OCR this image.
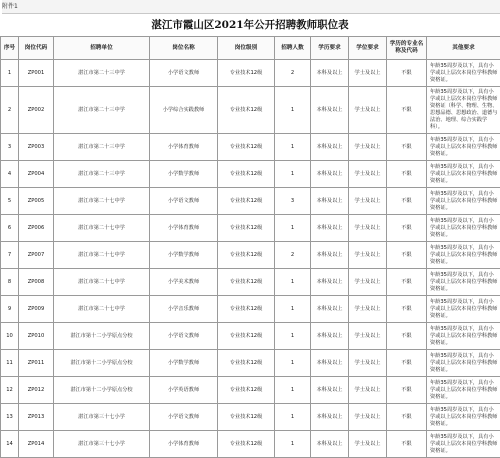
附件1
湛江市霞山区2021年公开招聘教师职位表
序号	岗位代码	招聘单位	岗位名称	岗位级别	招聘人数	学历要求	学位要求	学历的专业名称及代码	其他要求
1	ZP001	湛江市第二十三中学	小学语文教师	专业技术12级	2	本科及以上	学士及以上	不限	年龄35周岁及以下，具有小学或以上层次本岗位学科教师资格证。
2	ZP002	湛江市第二十三中学	小学综合实践教师	专业技术12级	1	本科及以上	学士及以上	不限	年龄35周岁及以下，具有小学或以上层次本岗位学科教师资格证（科学、物理、生物、思想品德、思想政治、道德与法治、地理、综合实践学科）。
3	ZP003	湛江市第二十三中学	小学体育教师	专业技术12级	1	本科及以上	学士及以上	不限	年龄35周岁及以下，具有小学或以上层次本岗位学科教师资格证。
4	ZP004	湛江市第二十三中学	小学数学教师	专业技术12级	1	本科及以上	学士及以上	不限	年龄35周岁及以下，具有小学或以上层次本岗位学科教师资格证。
5	ZP005	湛江市第二十七中学	小学语文教师	专业技术12级	3	本科及以上	学士及以上	不限	年龄35周岁及以下，具有小学或以上层次本岗位学科教师资格证。
6	ZP006	湛江市第二十七中学	小学体育教师	专业技术12级	1	本科及以上	学士及以上	不限	年龄35周岁及以下，具有小学或以上层次本岗位学科教师资格证。
7	ZP007	湛江市第二十七中学	小学数学教师	专业技术12级	2	本科及以上	学士及以上	不限	年龄35周岁及以下，具有小学或以上层次本岗位学科教师资格证。
8	ZP008	湛江市第二十七中学	小学美术教师	专业技术12级	1	本科及以上	学士及以上	不限	年龄35周岁及以下，具有小学或以上层次本岗位学科教师资格证。
9	ZP009	湛江市第二十七中学	小学音乐教师	专业技术12级	1	本科及以上	学士及以上	不限	年龄35周岁及以下，具有小学或以上层次本岗位学科教师资格证。
10	ZP010	湛江市第十二小学原点分校	小学语文教师	专业技术12级	1	本科及以上	学士及以上	不限	年龄35周岁及以下，具有小学或以上层次本岗位学科教师资格证。
11	ZP011	湛江市第十二小学原点分校	小学数学教师	专业技术12级	1	本科及以上	学士及以上	不限	年龄35周岁及以下，具有小学或以上层次本岗位学科教师资格证。
12	ZP012	湛江市第十二小学原点分校	小学英语教师	专业技术12级	1	本科及以上	学士及以上	不限	年龄35周岁及以下，具有小学或以上层次本岗位学科教师资格证。
13	ZP013	湛江市第三十七小学	小学语文教师	专业技术12级	1	本科及以上	学士及以上	不限	年龄35周岁及以下，具有小学或以上层次本岗位学科教师资格证。
14	ZP014	湛江市第三十七小学	小学体育教师	专业技术12级	1	本科及以上	学士及以上	不限	年龄35周岁及以下，具有小学或以上层次本岗位学科教师资格证。
